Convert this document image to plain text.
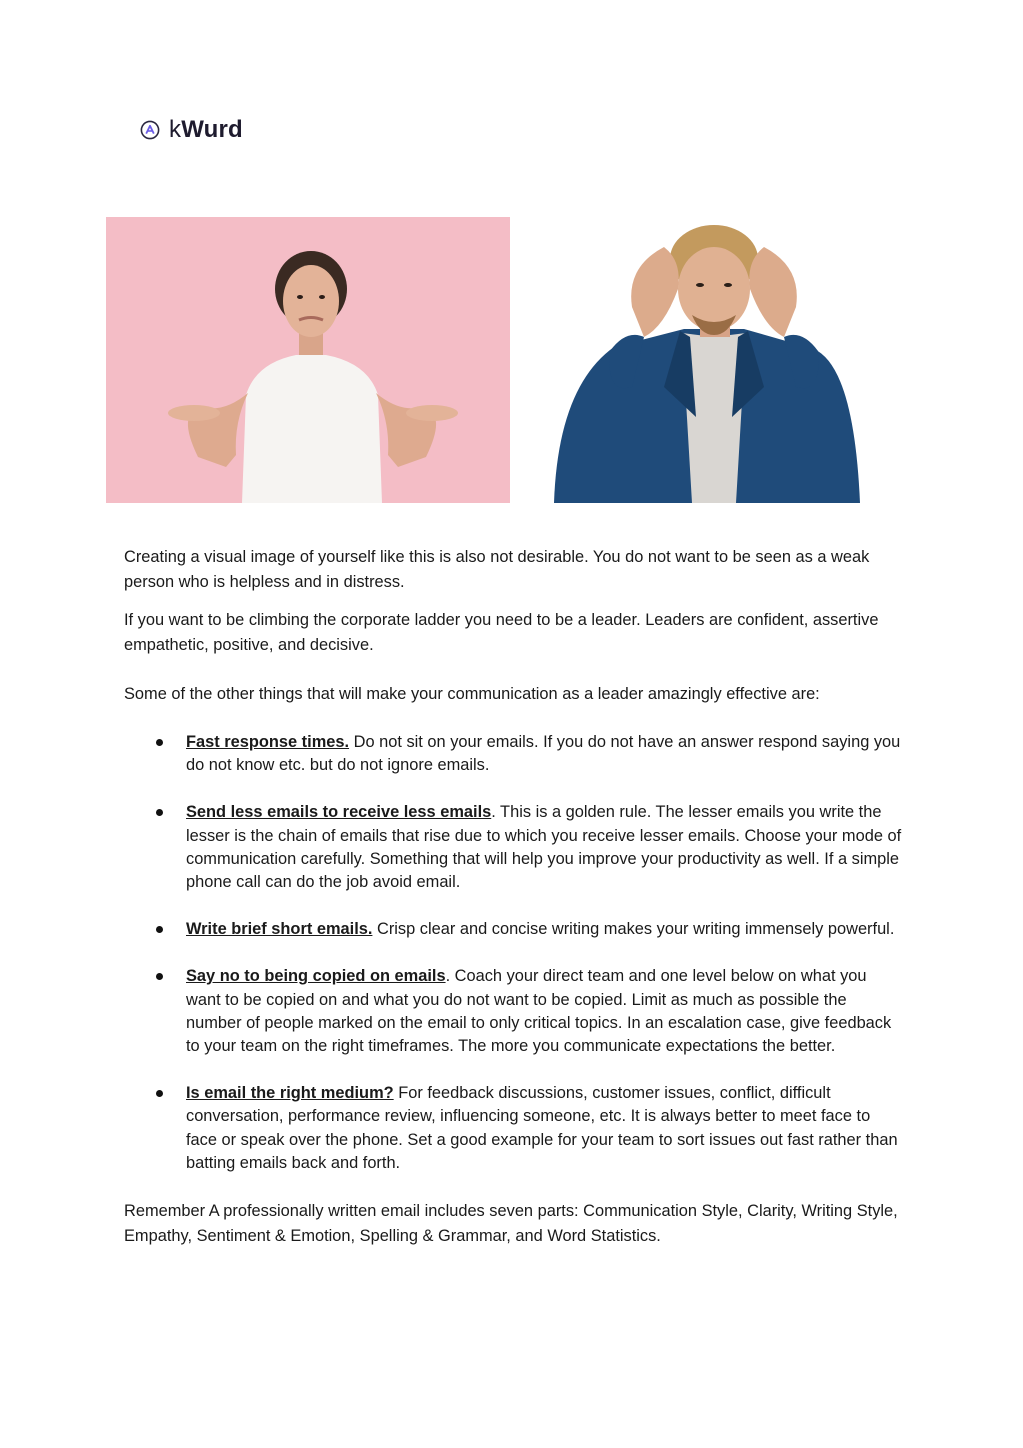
kWurd

Creating a visual image of yourself like this is also not desirable. You do not want to be seen as a weak person who is helpless and in distress.

If you want to be climbing the corporate ladder you need to be a leader. Leaders are confident, assertive empathetic, positive, and decisive.

Some of the other things that will make your communication as a leader amazingly effective are:

Fast response times. Do not sit on your emails. If you do not have an answer respond saying you do not know etc. but do not ignore emails.
Send less emails to receive less emails. This is a golden rule. The lesser emails you write the lesser is the chain of emails that rise due to which you receive lesser emails. Choose your mode of communication carefully. Something that will help you improve your productivity as well. If a simple phone call can do the job avoid email.
Write brief short emails. Crisp clear and concise writing makes your writing immensely powerful.
Say no to being copied on emails. Coach your direct team and one level below on what you want to be copied on and what you do not want to be copied. Limit as much as possible the number of people marked on the email to only critical topics. In an escalation case, give feedback to your team on the right timeframes. The more you communicate expectations the better.
Is email the right medium? For feedback discussions, customer issues, conflict, difficult conversation, performance review, influencing someone, etc. It is always better to meet face to face or speak over the phone. Set a good example for your team to sort issues out fast rather than batting emails back and forth.

Remember A professionally written email includes seven parts: Communication Style, Clarity, Writing Style, Empathy, Sentiment & Emotion, Spelling & Grammar, and Word Statistics.
